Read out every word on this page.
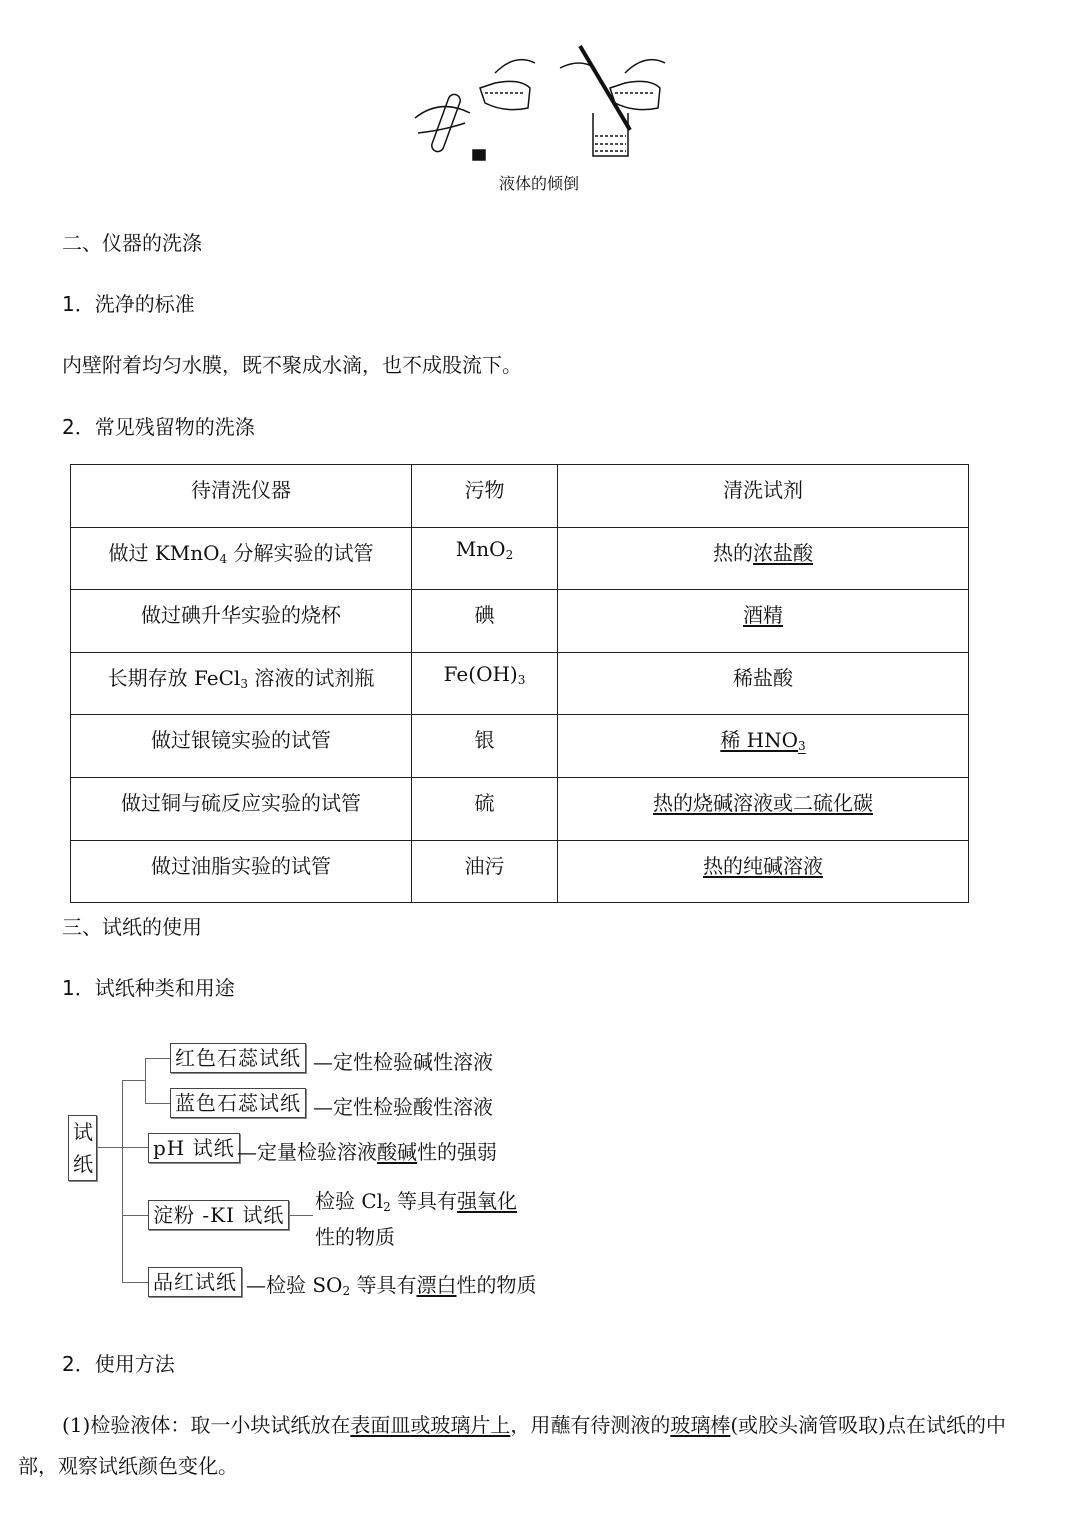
液体的倾倒
二、仪器的洗涤
1．洗净的标准
内壁附着均匀水膜，既不聚成水滴，也不成股流下。
2．常见残留物的洗涤
待清洗仪器	污物	清洗试剂
做过 KMnO$_4$ 分解实验的试管	MnO$_2$	热的浓盐酸
做过碘升华实验的烧杯	碘	酒精
长期存放 FeCl$_3$ 溶液的试剂瓶	$Fe(OH)_3$	稀盐酸
做过银镜实验的试管	银	稀 $HNO_3$
做过铜与硫反应实验的试管	硫	热的烧碱溶液或二硫化碳
做过油脂实验的试管	油污	热的纯碱溶液
三、试纸的使用
1．试纸种类和用途
试纸
红色石蕊试纸 —定性检验碱性溶液
蓝色石蕊试纸 —定性检验酸性溶液
pH 试纸 —定量检验溶液酸碱性的强弱
淀粉 -KI 试纸
检验 $Cl_2$ 等具有强氧化
性的物质
品红试纸 —检验 $SO_2$ 等具有漂白性的物质
2．使用方法
(1)检验液体：取一小块试纸放在表面皿或玻璃片上，用蘸有待测液的玻璃棒(或胶头滴管吸取)点在试纸的中部，观察试纸颜色变化。
